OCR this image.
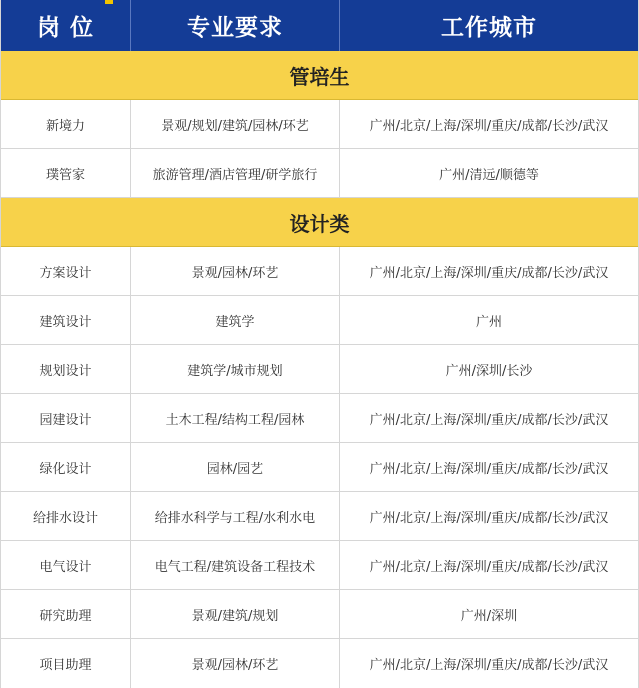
岗 位	专业要求	工作城市
管培生
新境力	景观/规划/建筑/园林/环艺	广州/北京/上海/深圳/重庆/成都/长沙/武汉
璞管家	旅游管理/酒店管理/研学旅行	广州/清远/顺德等
设计类
方案设计	景观/园林/环艺	广州/北京/上海/深圳/重庆/成都/长沙/武汉
建筑设计	建筑学	广州
规划设计	建筑学/城市规划	广州/深圳/长沙
园建设计	土木工程/结构工程/园林	广州/北京/上海/深圳/重庆/成都/长沙/武汉
绿化设计	园林/园艺	广州/北京/上海/深圳/重庆/成都/长沙/武汉
给排水设计	给排水科学与工程/水利水电	广州/北京/上海/深圳/重庆/成都/长沙/武汉
电气设计	电气工程/建筑设备工程技术	广州/北京/上海/深圳/重庆/成都/长沙/武汉
研究助理	景观/建筑/规划	广州/深圳
项目助理	景观/园林/环艺	广州/北京/上海/深圳/重庆/成都/长沙/武汉
